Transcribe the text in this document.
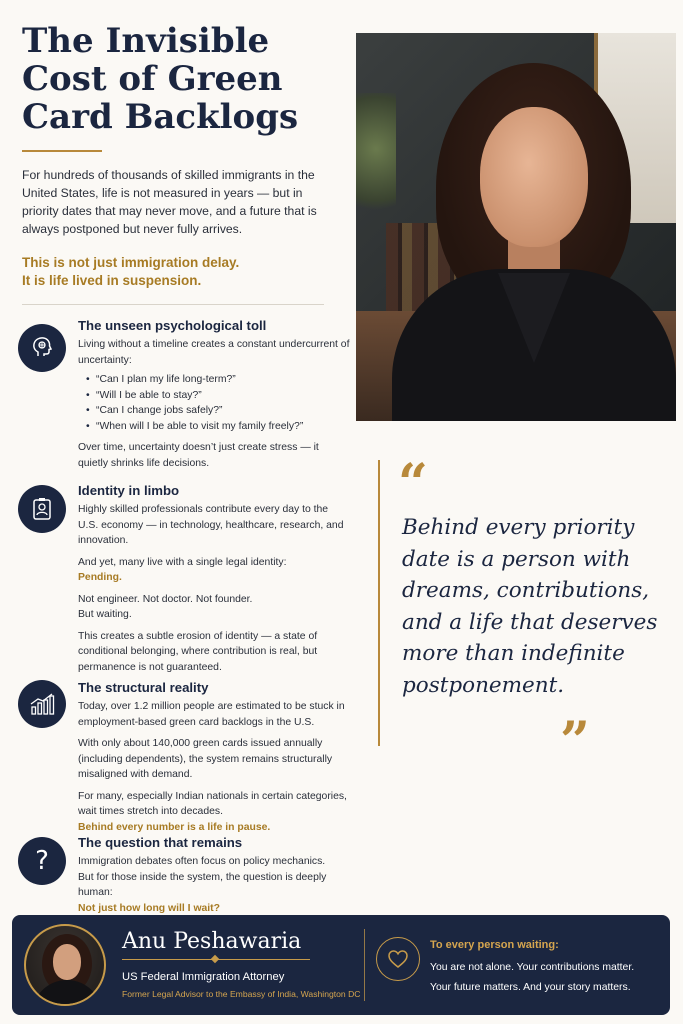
The Invisible Cost of Green Card Backlogs

For hundreds of thousands of skilled immigrants in the United States, life is not measured in years — but in priority dates that may never move, and a future that is always postponed but never fully arrives.

This is not just immigration delay.
It is life lived in suspension.
The unseen psychological toll

Living without a timeline creates a constant undercurrent of uncertainty:

• “Can I plan my life long-term?”
• “Will I be able to stay?”
• “Can I change jobs safely?”
• “When will I be able to visit my family freely?”

Over time, uncertainty doesn’t just create stress — it quietly shrinks life decisions.

Identity in limbo

Highly skilled professionals contribute every day to the U.S. economy — in technology, healthcare, research, and innovation.

And yet, many live with a single legal identity:
Pending.

Not engineer. Not doctor. Not founder.
But waiting.

This creates a subtle erosion of identity — a state of conditional belonging, where contribution is real, but permanence is not guaranteed.

The structural reality

Today, over 1.2 million people are estimated to be stuck in employment-based green card backlogs in the U.S.

With only about 140,000 green cards issued annually (including dependents), the system remains structurally misaligned with demand.

For many, especially Indian nationals in certain categories, wait times stretch into decades.
Behind every number is a life in pause.

?
The question that remains

Immigration debates often focus on policy mechanics.
But for those inside the system, the question is deeply human:
Not just how long will I wait?

“
Behind every priority date is a person with dreams, contributions, and a life that deserves more than indefinite postponement.
”
Anu Peshawaria
US Federal Immigration Attorney
Former Legal Advisor to the Embassy of India, Washington DC
To every person waiting:
You are not alone. Your contributions matter.
Your future matters. And your story matters.
